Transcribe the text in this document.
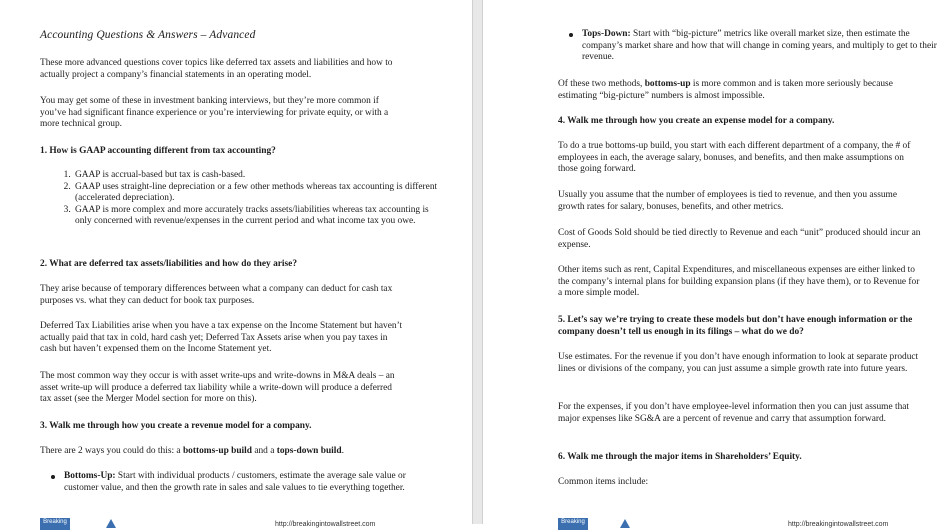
Accounting Questions & Answers – Advanced

These more advanced questions cover topics like deferred tax assets and liabilities and how to actually project a company’s financial statements in an operating model.

You may get some of these in investment banking interviews, but they’re more common if you’ve had significant finance experience or you’re interviewing for private equity, or with a more technical group.

1. How is GAAP accounting different from tax accounting?
1. GAAP is accrual-based but tax is cash-based.
2. GAAP uses straight-line depreciation or a few other methods whereas tax accounting is different (accelerated depreciation).
3. GAAP is more complex and more accurately tracks assets/liabilities whereas tax accounting is only concerned with revenue/expenses in the current period and what income tax you owe.
2. What are deferred tax assets/liabilities and how do they arise?

They arise because of temporary differences between what a company can deduct for cash tax purposes vs. what they can deduct for book tax purposes.

Deferred Tax Liabilities arise when you have a tax expense on the Income Statement but haven’t actually paid that tax in cold, hard cash yet; Deferred Tax Assets arise when you pay taxes in cash but haven’t expensed them on the Income Statement yet.

The most common way they occur is with asset write-ups and write-downs in M&A deals – an asset write-up will produce a deferred tax liability while a write-down will produce a deferred tax asset (see the Merger Model section for more on this).

3. Walk me through how you create a revenue model for a company.

There are 2 ways you could do this: a bottoms-up build and a tops-down build.

Bottoms-Up: Start with individual products / customers, estimate the average sale value or customer value, and then the growth rate in sales and sale values to tie everything together.
Breaking	http://breakingintowallstreet.com
Tops-Down: Start with “big-picture” metrics like overall market size, then estimate the company’s market share and how that will change in coming years, and multiply to get to their revenue.

Of these two methods, bottoms-up is more common and is taken more seriously because estimating “big-picture” numbers is almost impossible.

4. Walk me through how you create an expense model for a company.

To do a true bottoms-up build, you start with each different department of a company, the # of employees in each, the average salary, bonuses, and benefits, and then make assumptions on those going forward.

Usually you assume that the number of employees is tied to revenue, and then you assume growth rates for salary, bonuses, benefits, and other metrics.

Cost of Goods Sold should be tied directly to Revenue and each “unit” produced should incur an expense.

Other items such as rent, Capital Expenditures, and miscellaneous expenses are either linked to the company’s internal plans for building expansion plans (if they have them), or to Revenue for a more simple model.

5. Let’s say we’re trying to create these models but don’t have enough information or the company doesn’t tell us enough in its filings – what do we do?

Use estimates. For the revenue if you don’t have enough information to look at separate product lines or divisions of the company, you can just assume a simple growth rate into future years.

For the expenses, if you don’t have employee-level information then you can just assume that major expenses like SG&A are a percent of revenue and carry that assumption forward.

6. Walk me through the major items in Shareholders’ Equity.

Common items include:

Breaking	http://breakingintowallstreet.com
